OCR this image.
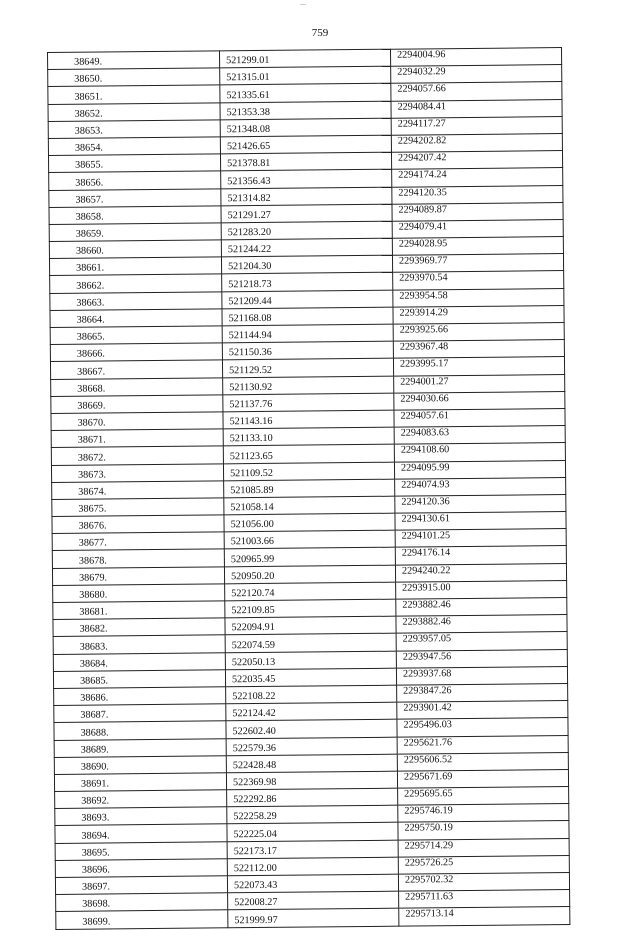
759
38649.	521299.01	2294004.96
38650.	521315.01	2294032.29
38651.	521335.61	2294057.66
38652.	521353.38	2294084.41
38653.	521348.08	2294117.27
38654.	521426.65	2294202.82
38655.	521378.81	2294207.42
38656.	521356.43	2294174.24
38657.	521314.82	2294120.35
38658.	521291.27	2294089.87
38659.	521283.20	2294079.41
38660.	521244.22	2294028.95
38661.	521204.30	2293969.77
38662.	521218.73	2293970.54
38663.	521209.44	2293954.58
38664.	521168.08	2293914.29
38665.	521144.94	2293925.66
38666.	521150.36	2293967.48
38667.	521129.52	2293995.17
38668.	521130.92	2294001.27
38669.	521137.76	2294030.66
38670.	521143.16	2294057.61
38671.	521133.10	2294083.63
38672.	521123.65	2294108.60
38673.	521109.52	2294095.99
38674.	521085.89	2294074.93
38675.	521058.14	2294120.36
38676.	521056.00	2294130.61
38677.	521003.66	2294101.25
38678.	520965.99	2294176.14
38679.	520950.20	2294240.22
38680.	522120.74	2293915.00
38681.	522109.85	2293882.46
38682.	522094.91	2293882.46
38683.	522074.59	2293957.05
38684.	522050.13	2293947.56
38685.	522035.45	2293937.68
38686.	522108.22	2293847.26
38687.	522124.42	2293901.42
38688.	522602.40	2295496.03
38689.	522579.36	2295621.76
38690.	522428.48	2295606.52
38691.	522369.98	2295671.69
38692.	522292.86	2295695.65
38693.	522258.29	2295746.19
38694.	522225.04	2295750.19
38695.	522173.17	2295714.29
38696.	522112.00	2295726.25
38697.	522073.43	2295702.32
38698.	522008.27	2295711.63
38699.	521999.97	2295713.14
